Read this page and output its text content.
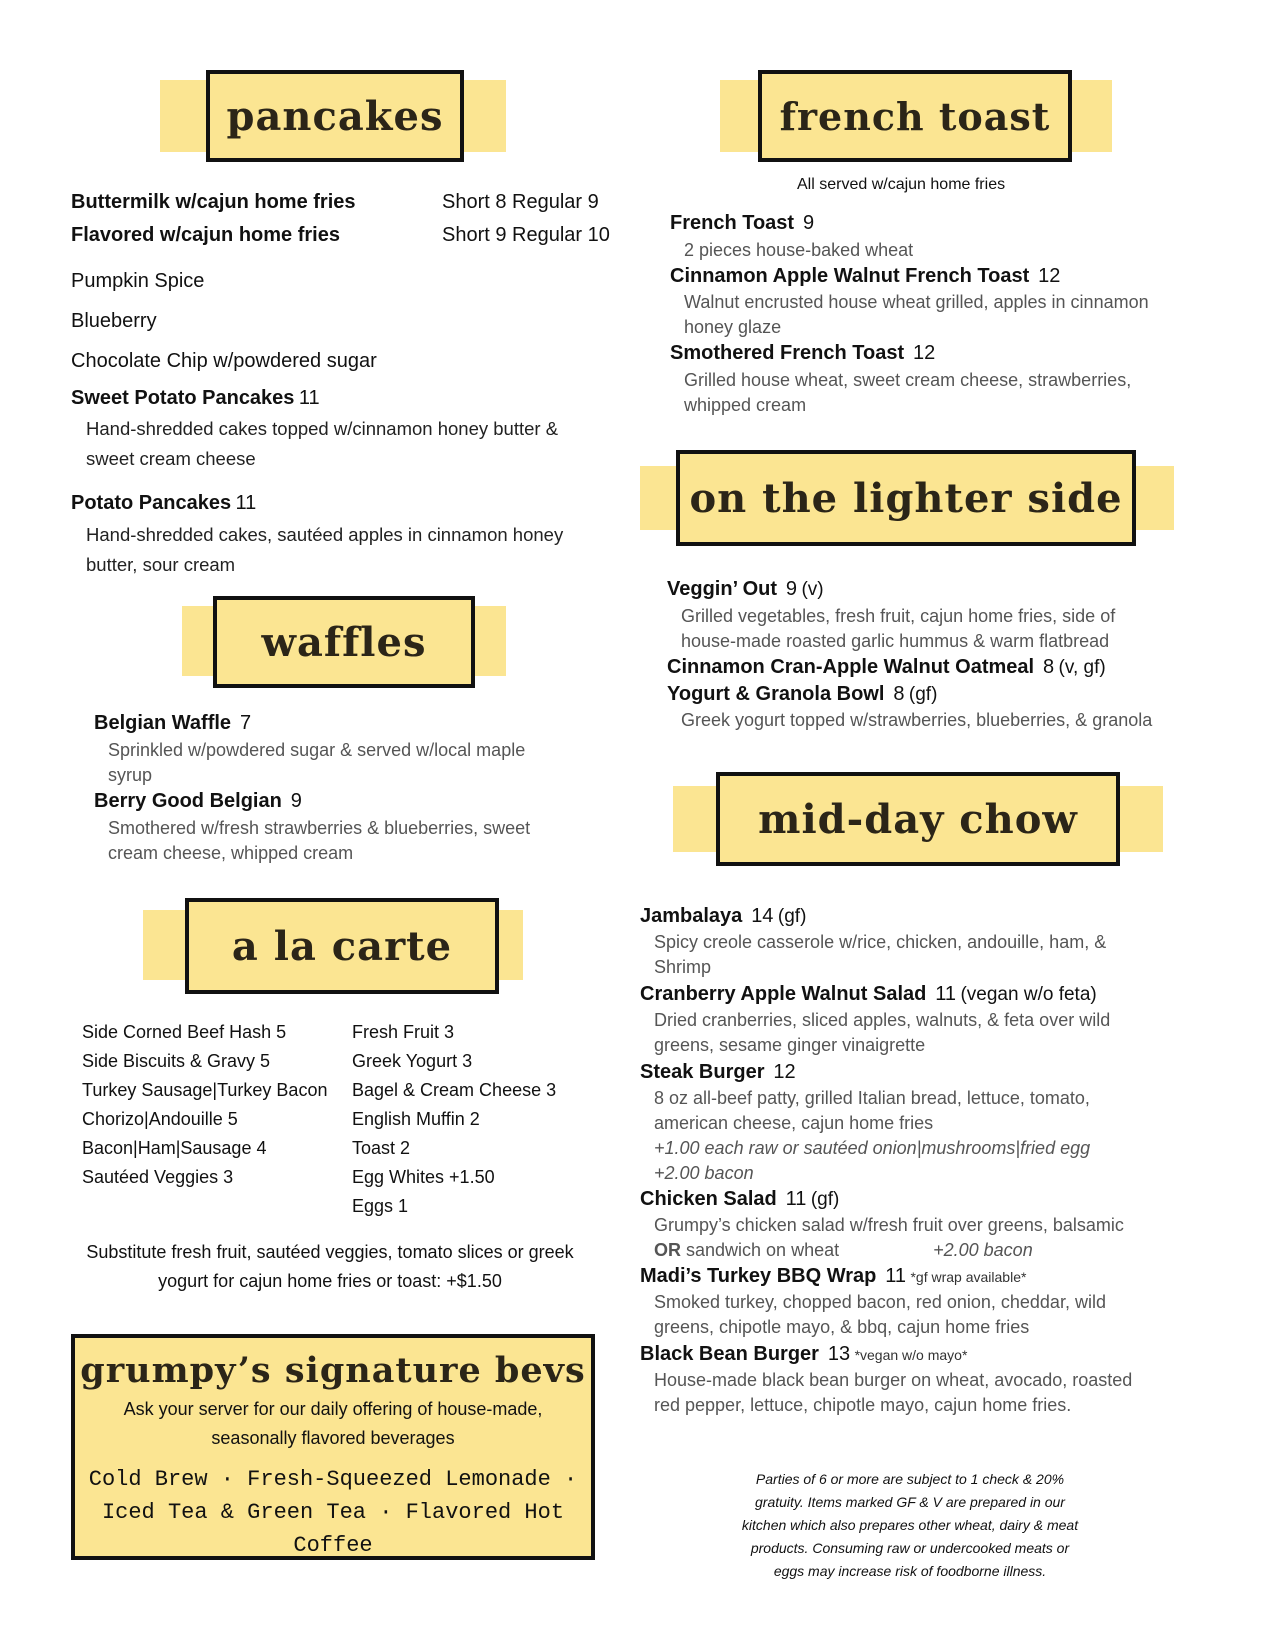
pancakes
Buttermilk w/cajun home fries	Short 8 Regular 9
Flavored w/cajun home fries	Short 9 Regular 10
Pumpkin Spice
Blueberry
Chocolate Chip w/powdered sugar
Sweet Potato Pancakes 11
Hand-shredded cakes topped w/cinnamon honey butter &
sweet cream cheese
Potato Pancakes 11
Hand-shredded cakes, sautéed apples in cinnamon honey
butter, sour cream
waffles
Belgian Waffle 7
Sprinkled w/powdered sugar & served w/local maple
syrup
Berry Good Belgian 9
Smothered w/fresh strawberries & blueberries, sweet
cream cheese, whipped cream
a la carte
Side Corned Beef Hash 5
Side Biscuits & Gravy 5
Turkey Sausage|Turkey Bacon
Chorizo|Andouille 5
Bacon|Ham|Sausage 4
Sautéed Veggies 3
Fresh Fruit 3
Greek Yogurt 3
Bagel & Cream Cheese 3
English Muffin 2
Toast 2
Egg Whites +1.50
Eggs 1
Substitute fresh fruit, sautéed veggies, tomato slices or greek
yogurt for cajun home fries or toast: +$1.50
grumpy’s signature bevs
Ask your server for our daily offering of house-made,
seasonally flavored beverages
Cold Brew · Fresh-Squeezed Lemonade ·
Iced Tea & Green Tea · Flavored Hot Coffee
french toast
All served w/cajun home fries
French Toast 9
2 pieces house-baked wheat
Cinnamon Apple Walnut French Toast 12
Walnut encrusted house wheat grilled, apples in cinnamon
honey glaze
Smothered French Toast 12
Grilled house wheat, sweet cream cheese, strawberries,
whipped cream
on the lighter side
Veggin’ Out 9 (v)
Grilled vegetables, fresh fruit, cajun home fries, side of
house-made roasted garlic hummus & warm flatbread
Cinnamon Cran-Apple Walnut Oatmeal 8 (v, gf)
Yogurt & Granola Bowl 8 (gf)
Greek yogurt topped w/strawberries, blueberries, & granola
mid-day chow
Jambalaya 14 (gf)
Spicy creole casserole w/rice, chicken, andouille, ham, &
Shrimp
Cranberry Apple Walnut Salad 11 (vegan w/o feta)
Dried cranberries, sliced apples, walnuts, & feta over wild
greens, sesame ginger vinaigrette
Steak Burger 12
8 oz all-beef patty, grilled Italian bread, lettuce, tomato,
american cheese, cajun home fries
+1.00 each raw or sautéed onion|mushrooms|fried egg
+2.00 bacon
Chicken Salad 11 (gf)
Grumpy’s chicken salad w/fresh fruit over greens, balsamic
OR sandwich on wheat	+2.00 bacon
Madi’s Turkey BBQ Wrap 11 *gf wrap available*
Smoked turkey, chopped bacon, red onion, cheddar, wild
greens, chipotle mayo, & bbq, cajun home fries
Black Bean Burger 13 *vegan w/o mayo*
House-made black bean burger on wheat, avocado, roasted
red pepper, lettuce, chipotle mayo, cajun home fries.
Parties of 6 or more are subject to 1 check & 20%
gratuity. Items marked GF & V are prepared in our
kitchen which also prepares other wheat, dairy & meat
products. Consuming raw or undercooked meats or
eggs may increase risk of foodborne illness.
